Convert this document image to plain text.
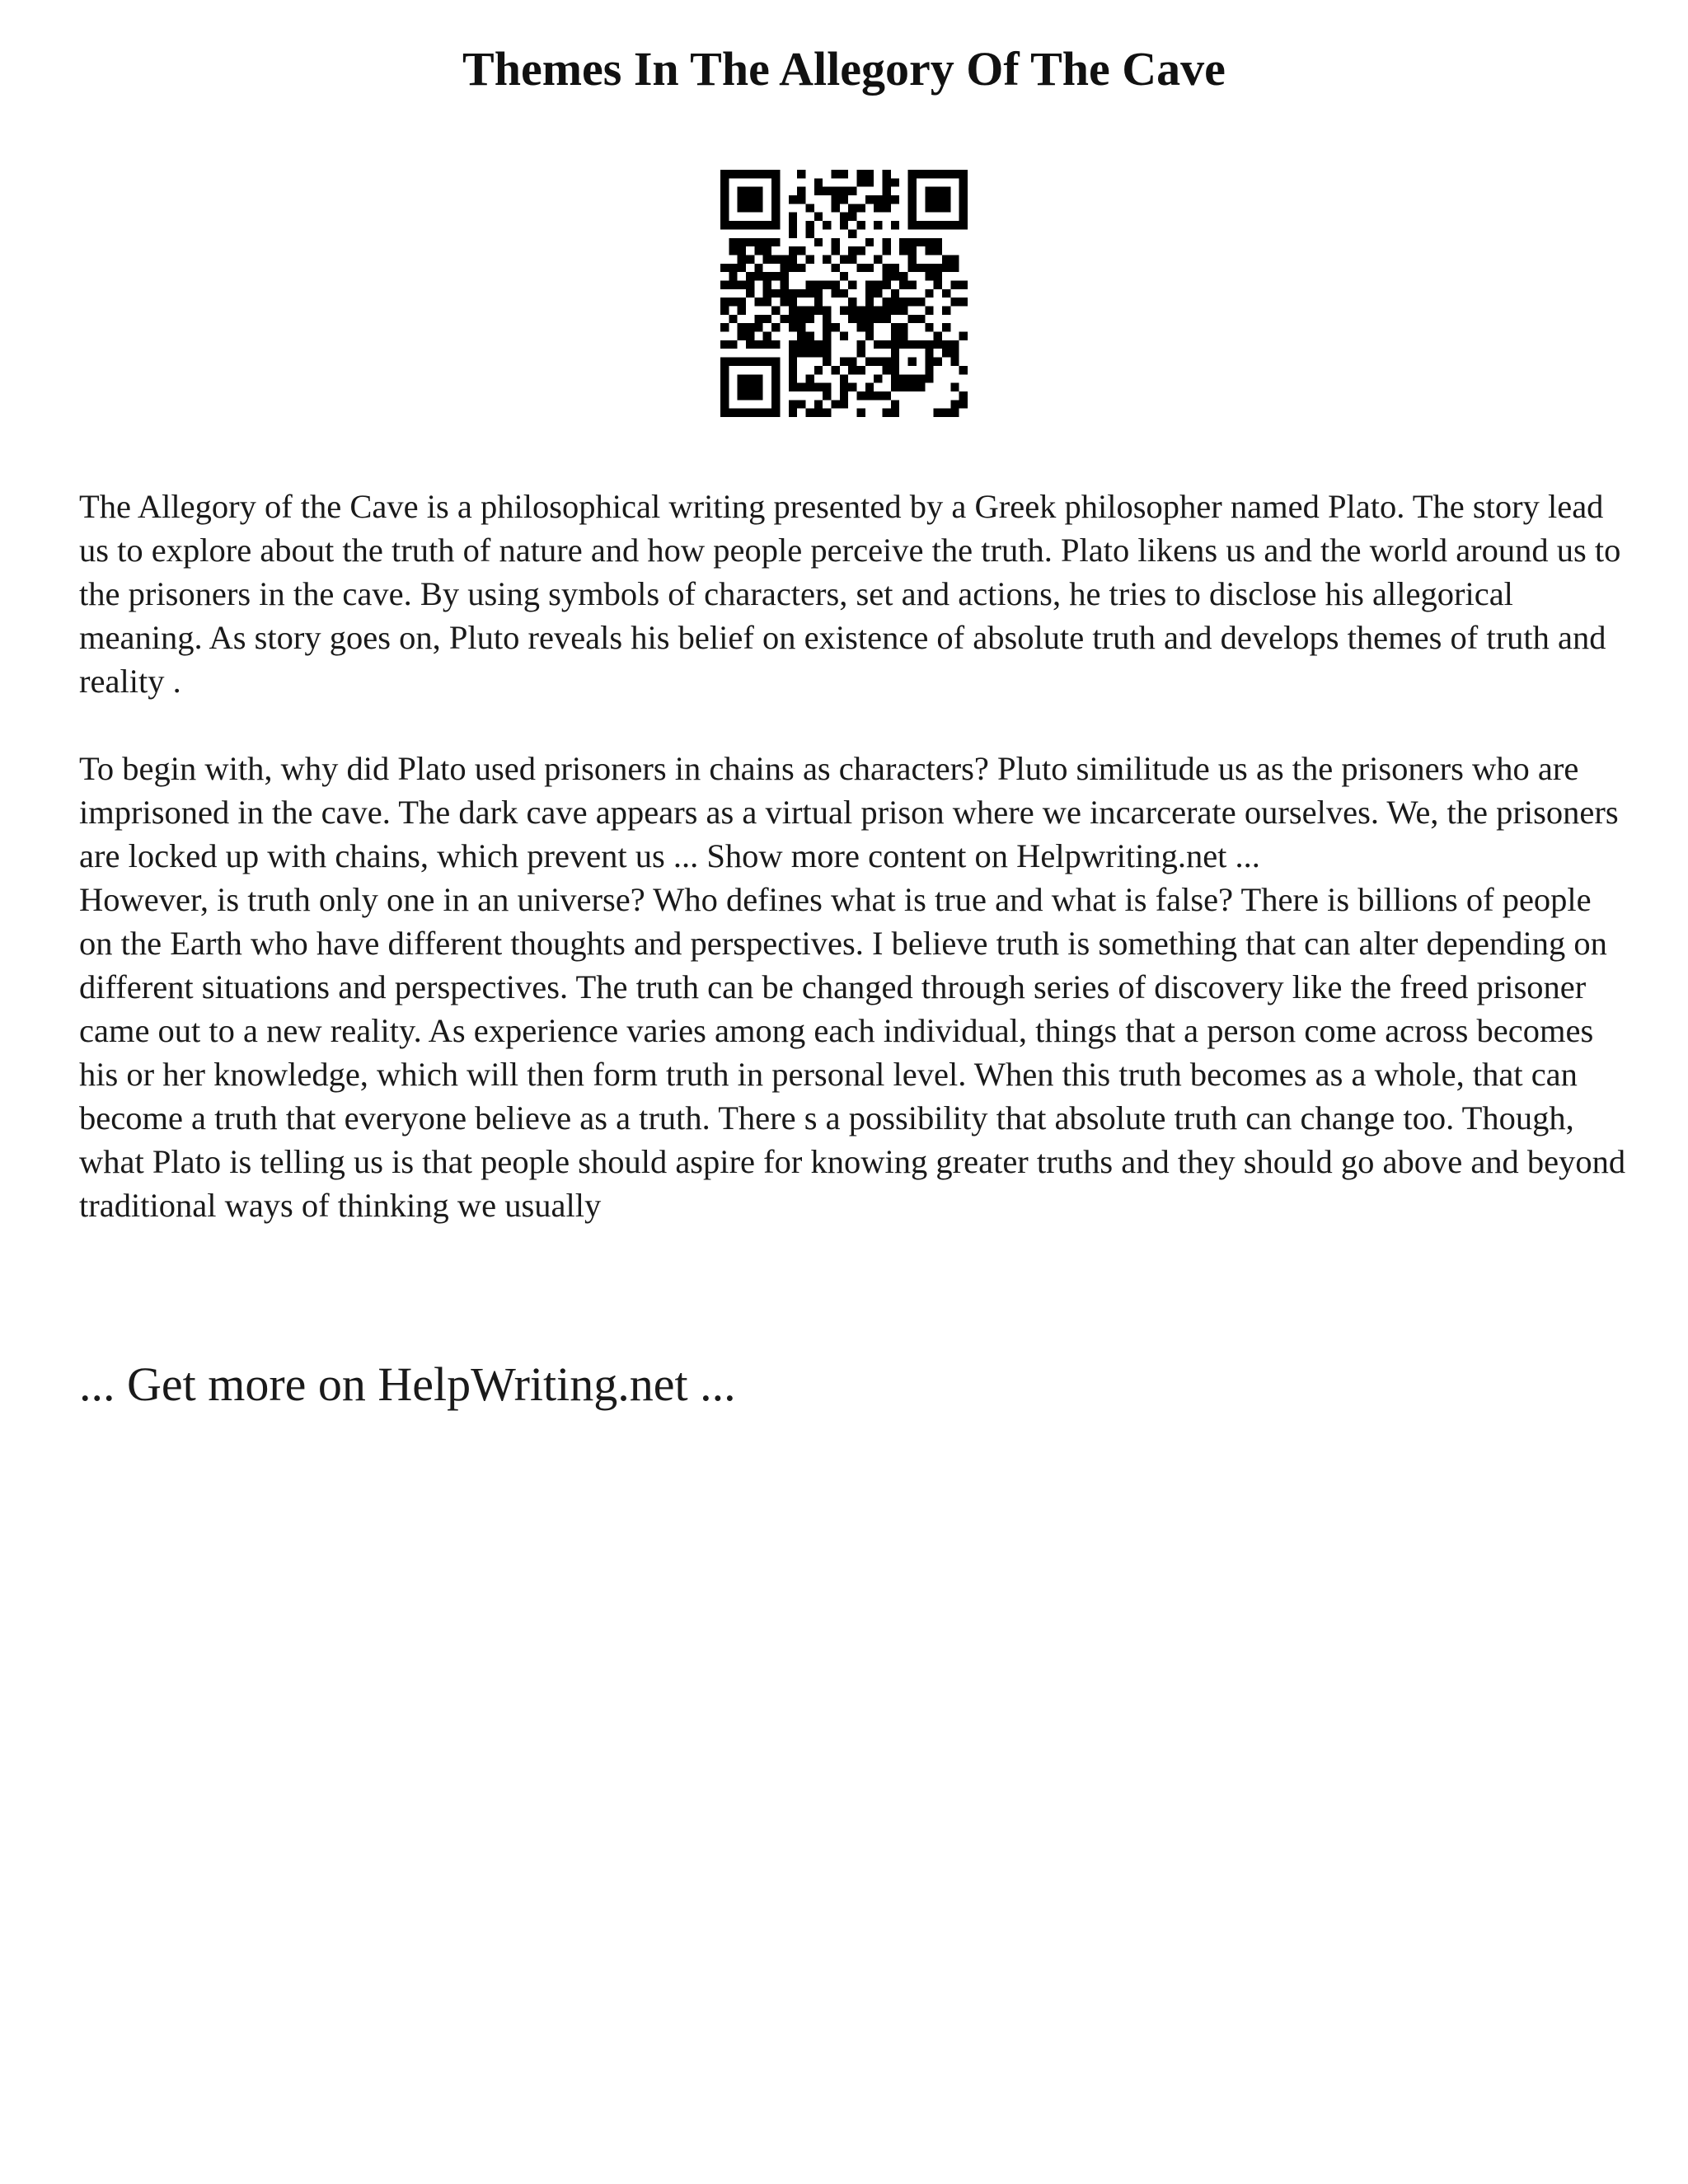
Themes In The Allegory Of The Cave

The Allegory of the Cave is a philosophical writing presented by a Greek philosopher named Plato. The story lead us to explore about the truth of nature and how people perceive the truth. Plato likens us and the world around us to the prisoners in the cave. By using symbols of characters, set and actions, he tries to disclose his allegorical meaning. As story goes on, Pluto reveals his belief on existence of absolute truth and develops themes of truth and reality .

To begin with, why did Plato used prisoners in chains as characters? Pluto similitude us as the prisoners who are imprisoned in the cave. The dark cave appears as a virtual prison where we incarcerate ourselves. We, the prisoners are locked up with chains, which prevent us ... Show more content on Helpwriting.net ...
However, is truth only one in an universe? Who defines what is true and what is false? There is billions of people on the Earth who have different thoughts and perspectives. I believe truth is something that can alter depending on different situations and perspectives. The truth can be changed through series of discovery like the freed prisoner came out to a new reality. As experience varies among each individual, things that a person come across becomes his or her knowledge, which will then form truth in personal level. When this truth becomes as a whole, that can become a truth that everyone believe as a truth. There s a possibility that absolute truth can change too. Though, what Plato is telling us is that people should aspire for knowing greater truths and they should go above and beyond traditional ways of thinking we usually

... Get more on HelpWriting.net ...
